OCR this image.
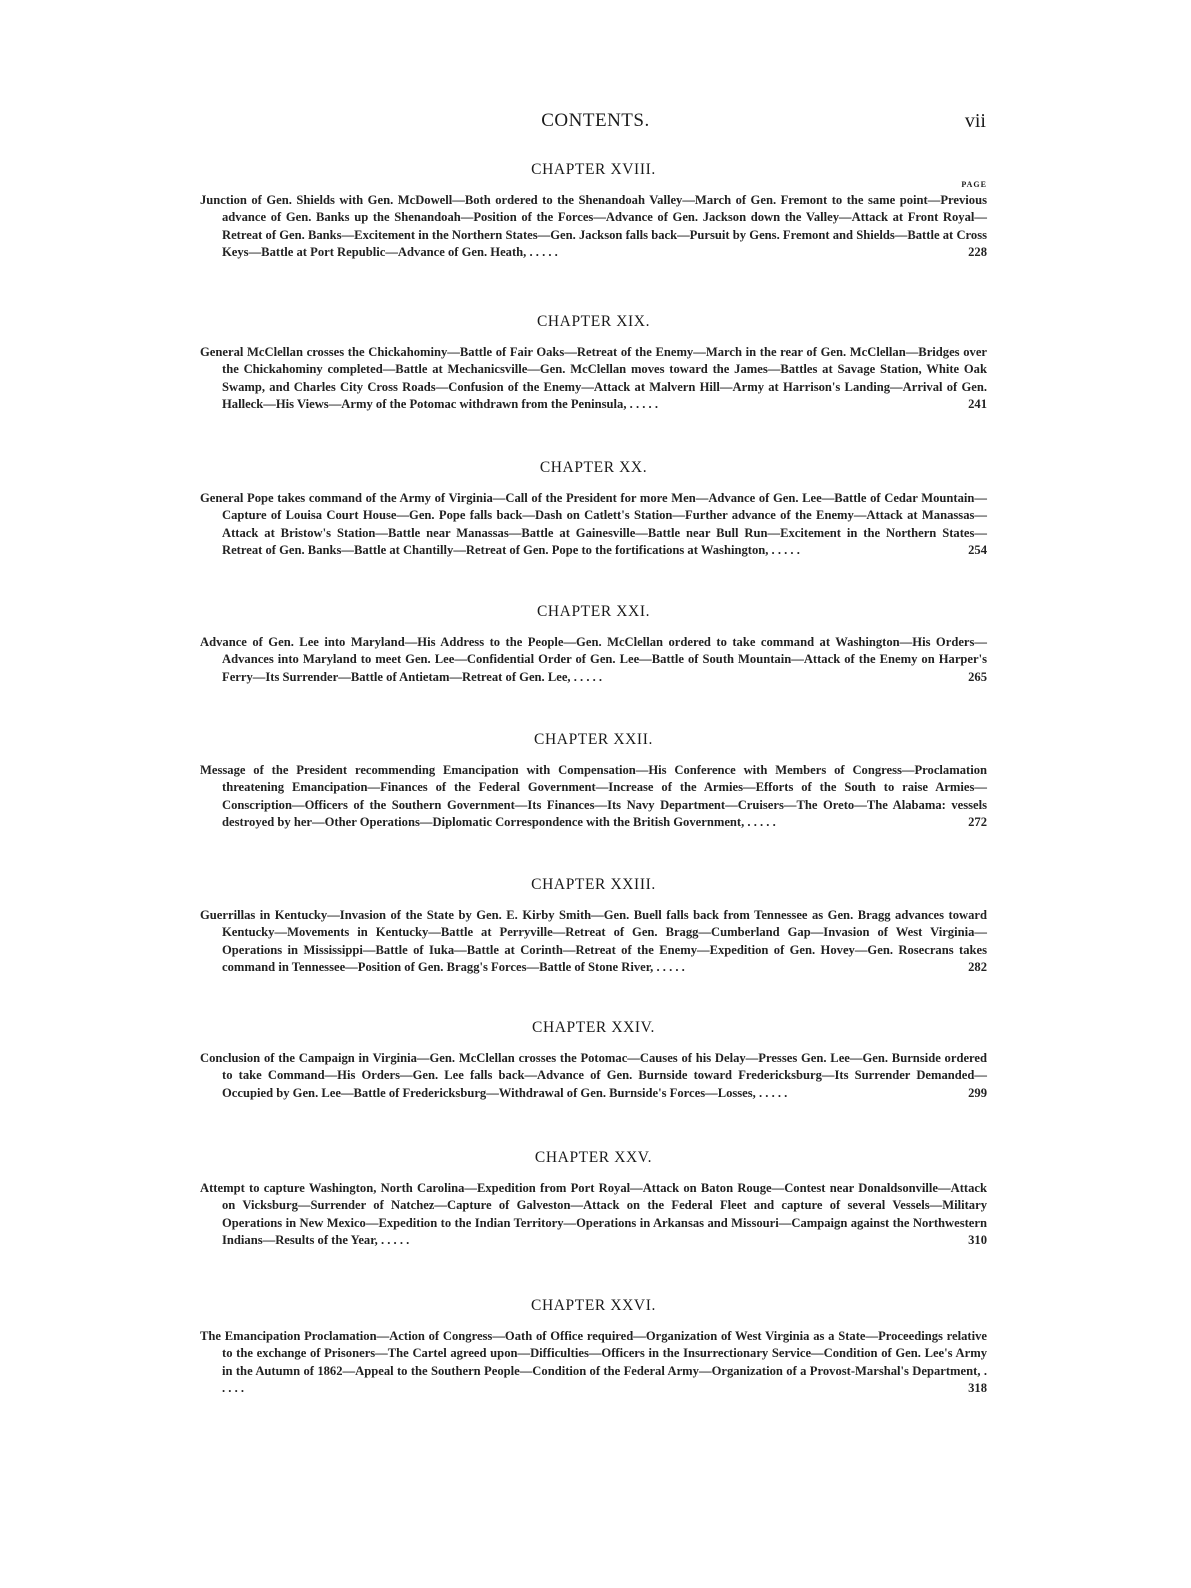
CONTENTS.	vii
CHAPTER XVIII.
PAGE
Junction of Gen. Shields with Gen. McDowell—Both ordered to the Shenandoah Valley—March of Gen. Fremont to the same point—Previous advance of Gen. Banks up the Shenandoah—Position of the Forces—Advance of Gen. Jackson down the Valley—Attack at Front Royal—Retreat of Gen. Banks—Excitement in the Northern States—Gen. Jackson falls back—Pursuit by Gens. Fremont and Shields—Battle at Cross Keys—Battle at Port Republic—Advance of Gen. Heath, . . . . .	228
CHAPTER XIX.
General McClellan crosses the Chickahominy—Battle of Fair Oaks—Retreat of the Enemy—March in the rear of Gen. McClellan—Bridges over the Chickahominy completed—Battle at Mechanicsville—Gen. McClellan moves toward the James—Battles at Savage Station, White Oak Swamp, and Charles City Cross Roads—Confusion of the Enemy—Attack at Malvern Hill—Army at Harrison's Landing—Arrival of Gen. Halleck—His Views—Army of the Potomac withdrawn from the Peninsula, . . . . .	241
CHAPTER XX.
General Pope takes command of the Army of Virginia—Call of the President for more Men—Advance of Gen. Lee—Battle of Cedar Mountain—Capture of Louisa Court House—Gen. Pope falls back—Dash on Catlett's Station—Further advance of the Enemy—Attack at Manassas—Attack at Bristow's Station—Battle near Manassas—Battle at Gainesville—Battle near Bull Run—Excitement in the Northern States—Retreat of Gen. Banks—Battle at Chantilly—Retreat of Gen. Pope to the fortifications at Washington, . . . . .	254
CHAPTER XXI.
Advance of Gen. Lee into Maryland—His Address to the People—Gen. McClellan ordered to take command at Washington—His Orders—Advances into Maryland to meet Gen. Lee—Confidential Order of Gen. Lee—Battle of South Mountain—Attack of the Enemy on Harper's Ferry—Its Surrender—Battle of Antietam—Retreat of Gen. Lee, . . . . .	265
CHAPTER XXII.
Message of the President recommending Emancipation with Compensation—His Conference with Members of Congress—Proclamation threatening Emancipation—Finances of the Federal Government—Increase of the Armies—Efforts of the South to raise Armies—Conscription—Officers of the Southern Government—Its Finances—Its Navy Department—Cruisers—The Oreto—The Alabama: vessels destroyed by her—Other Operations—Diplomatic Correspondence with the British Government, . . . . .	272
CHAPTER XXIII.
Guerrillas in Kentucky—Invasion of the State by Gen. E. Kirby Smith—Gen. Buell falls back from Tennessee as Gen. Bragg advances toward Kentucky—Movements in Kentucky—Battle at Perryville—Retreat of Gen. Bragg—Cumberland Gap—Invasion of West Virginia—Operations in Mississippi—Battle of Iuka—Battle at Corinth—Retreat of the Enemy—Expedition of Gen. Hovey—Gen. Rosecrans takes command in Tennessee—Position of Gen. Bragg's Forces—Battle of Stone River, . . . . .	282
CHAPTER XXIV.
Conclusion of the Campaign in Virginia—Gen. McClellan crosses the Potomac—Causes of his Delay—Presses Gen. Lee—Gen. Burnside ordered to take Command—His Orders—Gen. Lee falls back—Advance of Gen. Burnside toward Fredericksburg—Its Surrender Demanded—Occupied by Gen. Lee—Battle of Fredericksburg—Withdrawal of Gen. Burnside's Forces—Losses, . . . . .	299
CHAPTER XXV.
Attempt to capture Washington, North Carolina—Expedition from Port Royal—Attack on Baton Rouge—Contest near Donaldsonville—Attack on Vicksburg—Surrender of Natchez—Capture of Galveston—Attack on the Federal Fleet and capture of several Vessels—Military Operations in New Mexico—Expedition to the Indian Territory—Operations in Arkansas and Missouri—Campaign against the Northwestern Indians—Results of the Year, . . . . .	310
CHAPTER XXVI.
The Emancipation Proclamation—Action of Congress—Oath of Office required—Organization of West Virginia as a State—Proceedings relative to the exchange of Prisoners—The Cartel agreed upon—Difficulties—Officers in the Insurrectionary Service—Condition of Gen. Lee's Army in the Autumn of 1862—Appeal to the Southern People—Condition of the Federal Army—Organization of a Provost-Marshal's Department, . . . . .	318
